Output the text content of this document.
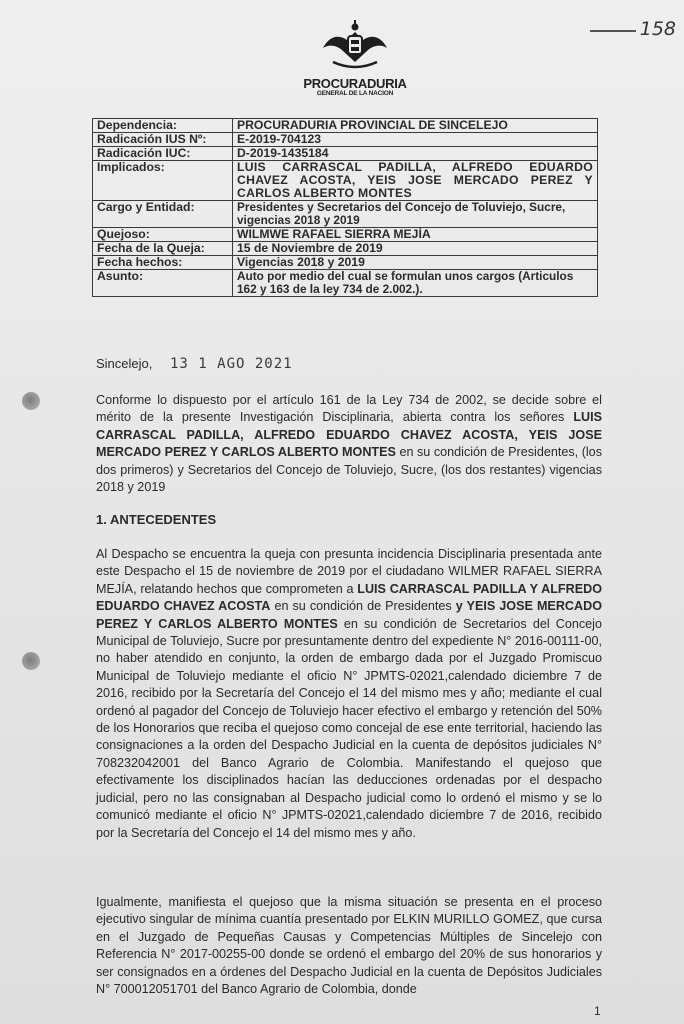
158
PROCURADURIA
GENERAL DE LA NACION
Dependencia:	PROCURADURIA PROVINCIAL DE SINCELEJO
Radicación IUS Nº:	E-2019-704123
Radicación IUC:	D-2019-1435184
Implicados:	LUIS CARRASCAL PADILLA, ALFREDO EDUARDO CHAVEZ ACOSTA, YEIS JOSE MERCADO PEREZ Y CARLOS ALBERTO MONTES
Cargo y Entidad:	Presidentes y Secretarios del Concejo de Toluviejo, Sucre, vigencias 2018 y 2019
Quejoso:	WILMWE RAFAEL SIERRA MEJÍA
Fecha de la Queja:	15 de Noviembre de 2019
Fecha hechos:	Vigencias 2018 y 2019
Asunto:	Auto por medio del cual se formulan unos cargos (Articulos 162 y 163 de la ley 734 de 2.002.).
Sincelejo, 13 1 AGO 2021
Conforme lo dispuesto por el artículo 161 de la Ley 734 de 2002, se decide sobre el mérito de la presente Investigación Disciplinaria, abierta contra los señores LUIS CARRASCAL PADILLA, ALFREDO EDUARDO CHAVEZ ACOSTA, YEIS JOSE MERCADO PEREZ Y CARLOS ALBERTO MONTES en su condición de Presidentes, (los dos primeros) y Secretarios del Concejo de Toluviejo, Sucre, (los dos restantes) vigencias 2018 y 2019
1. ANTECEDENTES
Al Despacho se encuentra la queja con presunta incidencia Disciplinaria presentada ante este Despacho el 15 de noviembre de 2019 por el ciudadano WILMER RAFAEL SIERRA MEJÍA, relatando hechos que comprometen a LUIS CARRASCAL PADILLA Y ALFREDO EDUARDO CHAVEZ ACOSTA en su condición de Presidentes y YEIS JOSE MERCADO PEREZ Y CARLOS ALBERTO MONTES en su condición de Secretarios del Concejo Municipal de Toluviejo, Sucre por presuntamente dentro del expediente N° 2016-00111-00, no haber atendido en conjunto, la orden de embargo dada por el Juzgado Promiscuo Municipal de Toluviejo mediante el oficio N° JPMTS-02021,calendado diciembre 7 de 2016, recibido por la Secretaría del Concejo el 14 del mismo mes y año; mediante el cual ordenó al pagador del Concejo de Toluviejo hacer efectivo el embargo y retención del 50% de los Honorarios que reciba el quejoso como concejal de ese ente territorial, haciendo las consignaciones a la orden del Despacho Judicial en la cuenta de depósitos judiciales N° 708232042001 del Banco Agrario de Colombia. Manifestando el quejoso que efectivamente los disciplinados hacían las deducciones ordenadas por el despacho judicial, pero no las consignaban al Despacho judicial como lo ordenó el mismo y se lo comunicó mediante el oficio N° JPMTS-02021,calendado diciembre 7 de 2016, recibido por la Secretaría del Concejo el 14 del mismo mes y año.
Igualmente, manifiesta el quejoso que la misma situación se presenta en el proceso ejecutivo singular de mínima cuantía presentado por ELKIN MURILLO GOMEZ, que cursa en el Juzgado de Pequeñas Causas y Competencias Múltiples de Sincelejo con Referencia N° 2017-00255-00 donde se ordenó el embargo del 20% de sus honorarios y ser consignados en a órdenes del Despacho Judicial en la cuenta de Depósitos Judiciales N° 700012051701 del Banco Agrario de Colombia, donde
1
